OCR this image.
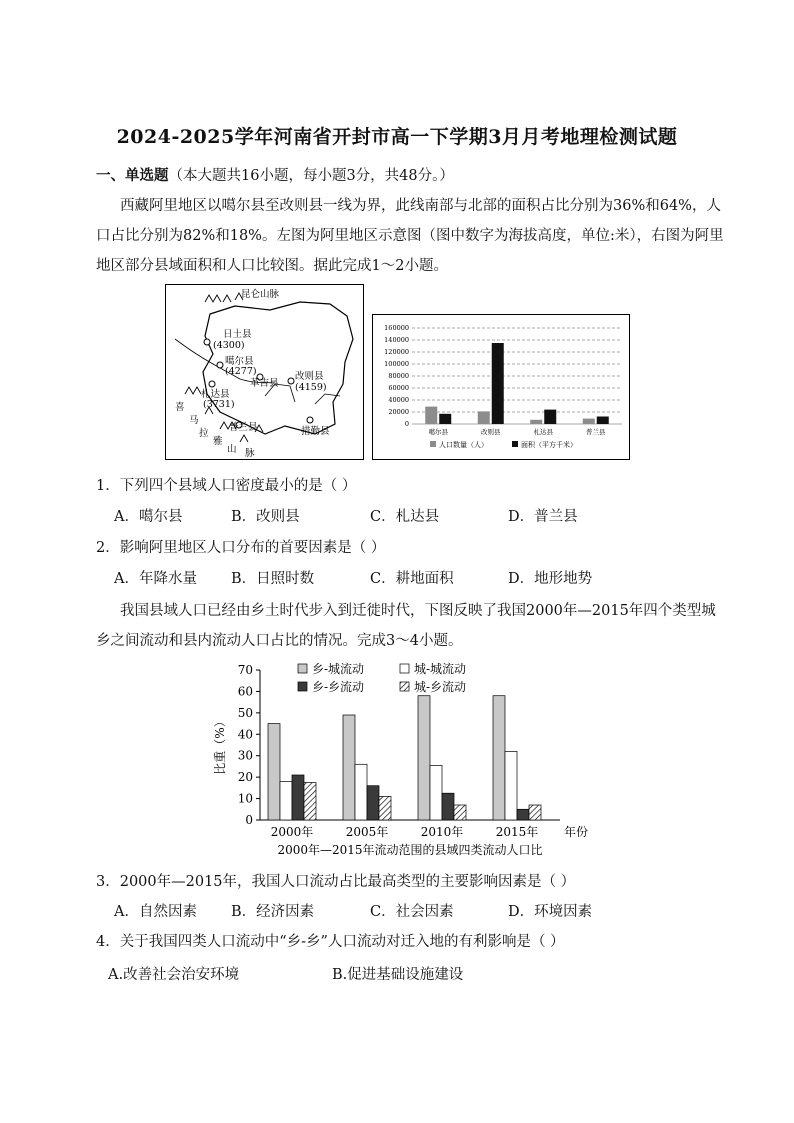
2024-2025学年河南省开封市高一下学期3月月考地理检测试题
一、单选题（本大题共16小题，每小题3分，共48分。）
西藏阿里地区以噶尔县至改则县一线为界，此线南部与北部的面积占比分别为36%和64%，人
口占比分别为82%和18%。左图为阿里地区示意图（图中数字为海拔高度，单位:米），右图为阿里
地区部分县域面积和人口比较图。据此完成1～2小题。
昆仑山脉
日土县
(4300)
噶尔县
(4277)
革吉县
改则县
(4159)
札达县
(3731)
普兰县	措勤县
喜
马
拉
雅
山 脉
0
20000
40000
60000
80000
100000
120000
140000
160000
噶尔县	改则县	札达县	普兰县
人口数量（人）	面积（平方千米）
1．下列四个县域人口密度最小的是（ ）
A．噶尔县	B．改则县	C．札达县	D．普兰县
2．影响阿里地区人口分布的首要因素是（ ）
A．年降水量 B．日照时数	C．耕地面积	D．地形地势
我国县域人口已经由乡土时代步入到迁徙时代，下图反映了我国2000年—2015年四个类型城
乡之间流动和县内流动人口占比的情况。完成3～4小题。
0
10
20
30
40
50
60
70
比重（%）
2000年	2005年	2010年	2015年 年份
2000年—2015年流动范围的县域四类流动人口比
乡-城流动	城-城流动
乡-乡流动	城-乡流动
3．2000年—2015年，我国人口流动占比最高类型的主要影响因素是（ ）
A．自然因素 B．经济因素	C．社会因素	D．环境因素
4．关于我国四类人口流动中“乡-乡”人口流动对迁入地的有利影响是（ ）
A.改善社会治安环境	B.促进基础设施建设
